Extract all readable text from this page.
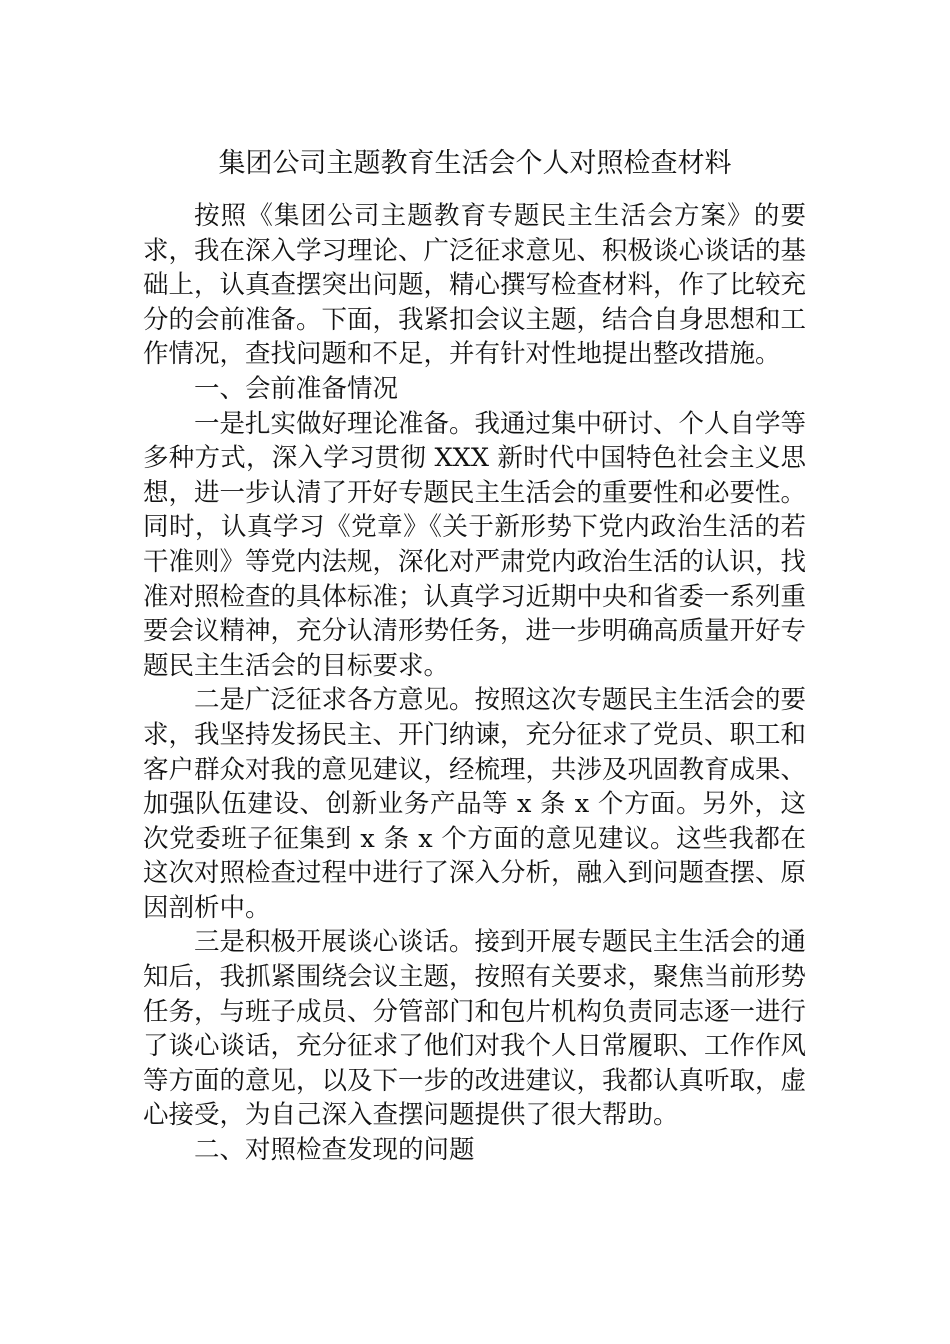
集团公司主题教育生活会个人对照检查材料

按照《集团公司主题教育专题民主生活会方案》的要求，我在深入学习理论、广泛征求意见、积极谈心谈话的基础上，认真查摆突出问题，精心撰写检查材料，作了比较充分的会前准备。下面，我紧扣会议主题，结合自身思想和工作情况，查找问题和不足，并有针对性地提出整改措施。

一、会前准备情况

一是扎实做好理论准备。我通过集中研讨、个人自学等多种方式，深入学习贯彻 XXX 新时代中国特色社会主义思想，进一步认清了开好专题民主生活会的重要性和必要性。同时，认真学习《党章》《关于新形势下党内政治生活的若干准则》等党内法规，深化对严肃党内政治生活的认识，找准对照检查的具体标准；认真学习近期中央和省委一系列重要会议精神，充分认清形势任务，进一步明确高质量开好专题民主生活会的目标要求。

二是广泛征求各方意见。按照这次专题民主生活会的要求，我坚持发扬民主、开门纳谏，充分征求了党员、职工和客户群众对我的意见建议，经梳理，共涉及巩固教育成果、加强队伍建设、创新业务产品等 x 条 x 个方面。另外，这次党委班子征集到 x 条 x 个方面的意见建议。这些我都在这次对照检查过程中进行了深入分析，融入到问题查摆、原因剖析中。

三是积极开展谈心谈话。接到开展专题民主生活会的通知后，我抓紧围绕会议主题，按照有关要求，聚焦当前形势任务，与班子成员、分管部门和包片机构负责同志逐一进行了谈心谈话，充分征求了他们对我个人日常履职、工作作风等方面的意见，以及下一步的改进建议，我都认真听取，虚心接受，为自己深入查摆问题提供了很大帮助。

二、对照检查发现的问题
